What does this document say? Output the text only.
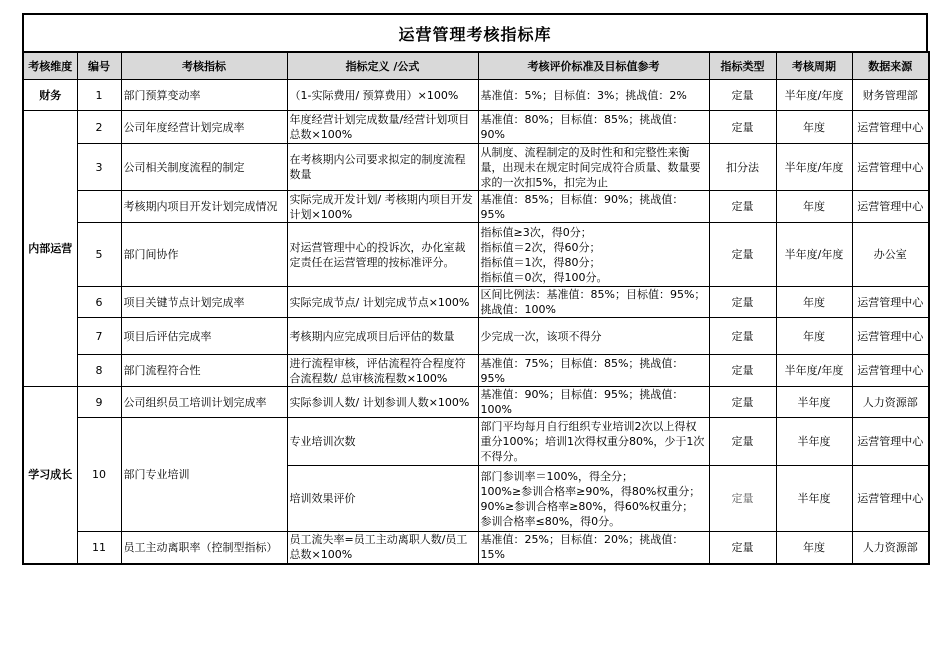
运营管理考核指标库
考核维度	编号	考核指标	指标定义 /公式	考核评价标准及目标值参考	指标类型	考核周期	数据来源
财务	1	部门预算变动率	（1-实际费用/ 预算费用）×100%	基准值：5%；目标值：3%；挑战值：2%	定量	半年度/年度	财务管理部
内部运营	2	公司年度经营计划完成率	年度经营计划完成数量/经营计划项目总数×100%	基准值：80%；目标值：85%；挑战值：90%	定量	年度	运营管理中心
	3	公司相关制度流程的制定	在考核期内公司要求拟定的制度流程数量	从制度、流程制定的及时性和和完整性来衡量，出现未在规定时间完成符合质量、数量要求的一次扣5%，扣完为止	扣分法	半年度/年度	运营管理中心
		考核期内项目开发计划完成情况	实际完成开发计划/ 考核期内项目开发计划×100%	基准值：85%；目标值：90%；挑战值：95%	定量	年度	运营管理中心
	5	部门间协作	对运营管理中心的投诉次，办化室裁定责任在运营管理的按标准评分。	指标值≥3次，得0分；
指标值＝2次，得60分；
指标值＝1次，得80分；
指标值＝0次，得100分。	定量	半年度/年度	办公室
	6	项目关键节点计划完成率	实际完成节点/ 计划完成节点×100%	区间比例法：基准值：85%；目标值：95%；挑战值：100%	定量	年度	运营管理中心
	7	项目后评估完成率	考核期内应完成项目后评估的数量	少完成一次，该项不得分	定量	年度	运营管理中心
	8	部门流程符合性	进行流程审核，评估流程符合程度符合流程数/ 总审核流程数×100%	基准值：75%；目标值：85%；挑战值：95%	定量	半年度/年度	运营管理中心
学习成长	9	公司组织员工培训计划完成率	实际参训人数/ 计划参训人数×100%	基准值：90%；目标值：95%；挑战值：100%	定量	半年度	人力资源部
	10	部门专业培训	专业培训次数	部门平均每月自行组织专业培训2次以上得权重分100%；培训1次得权重分80%，少于1次不得分。	定量	半年度	运营管理中心
			培训效果评价	部门参训率＝100%，得全分；
100%≥参训合格率≥90%，得80%权重分；
90%≥参训合格率≥80%，得60%权重分；
参训合格率≤80%，得0分。	定量	半年度	运营管理中心
	11	员工主动离职率（控制型指标）	员工流失率=员工主动离职人数/员工总数×100%	基准值：25%；目标值：20%；挑战值：15%	定量	年度	人力资源部
